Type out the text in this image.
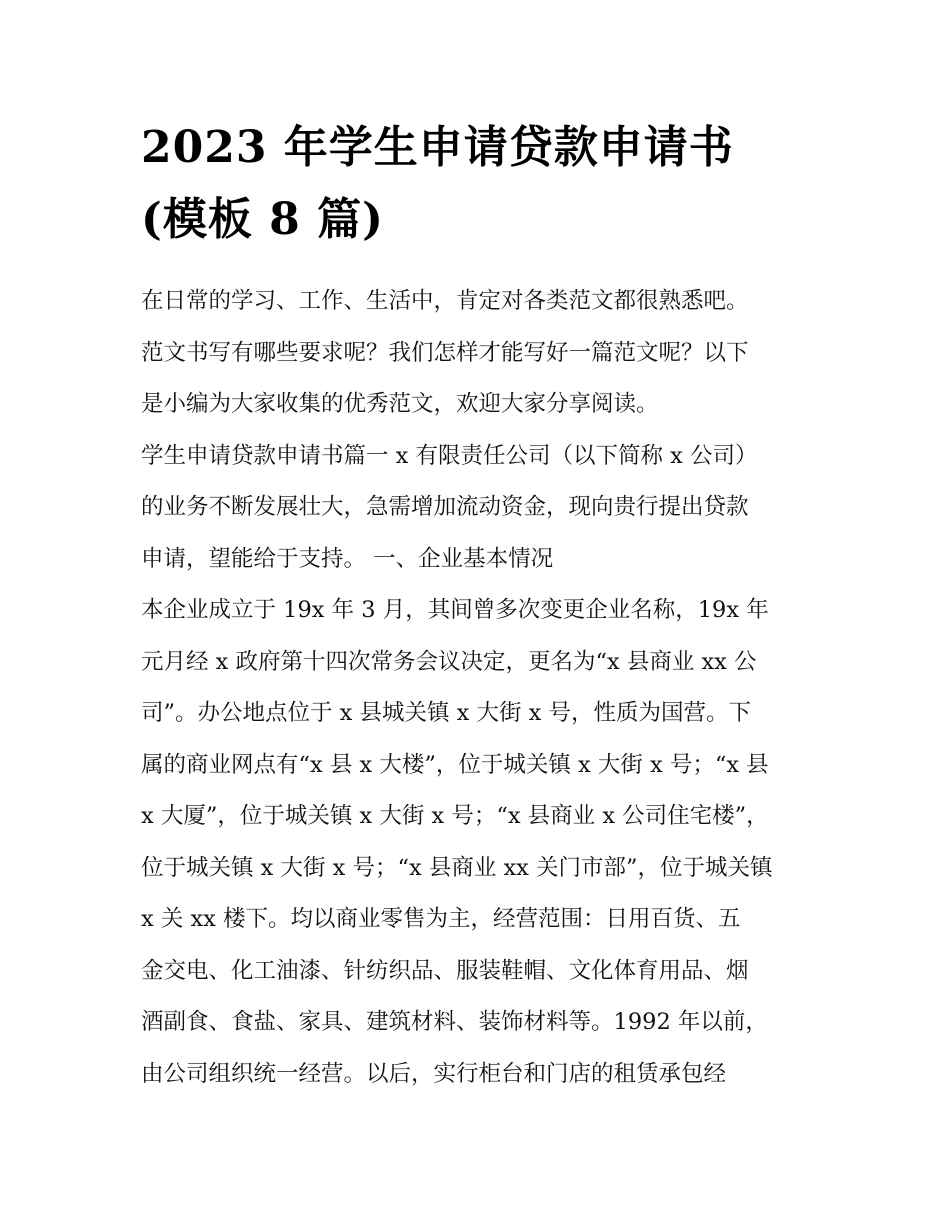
2023 年学生申请贷款申请书
(模板 8 篇)
在日常的学习、工作、生活中，肯定对各类范文都很熟悉吧。
范文书写有哪些要求呢？我们怎样才能写好一篇范文呢？以下
是小编为大家收集的优秀范文，欢迎大家分享阅读。
学生申请贷款申请书篇一 x 有限责任公司（以下简称 x 公司）
的业务不断发展壮大，急需增加流动资金，现向贵行提出贷款
申请，望能给于支持。 一、企业基本情况
本企业成立于 19x 年 3 月，其间曾多次变更企业名称，19x 年
元月经 x 政府第十四次常务会议决定，更名为“x 县商业 xx 公
司”。办公地点位于 x 县城关镇 x 大街 x 号，性质为国营。下
属的商业网点有“x 县 x 大楼”，位于城关镇 x 大街 x 号；“x 县
x 大厦”，位于城关镇 x 大街 x 号；“x 县商业 x 公司住宅楼”，
位于城关镇 x 大街 x 号；“x 县商业 xx 关门市部”，位于城关镇
x 关 xx 楼下。均以商业零售为主，经营范围：日用百货、五
金交电、化工油漆、针纺织品、服装鞋帽、文化体育用品、烟
酒副食、食盐、家具、建筑材料、装饰材料等。1992 年以前，
由公司组织统一经营。以后，实行柜台和门店的租赁承包经
